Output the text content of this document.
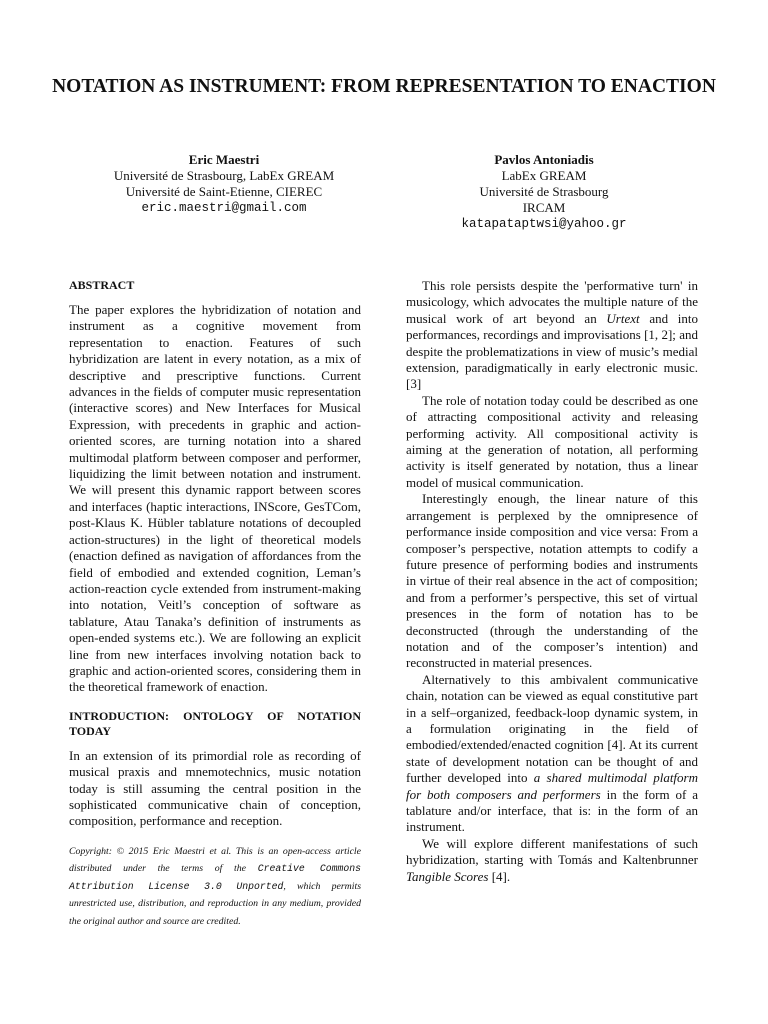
NOTATION AS INSTRUMENT: FROM REPRESENTATION TO ENACTION
Eric Maestri
Université de Strasbourg, LabEx GREAM
Université de Saint-Etienne, CIEREC
eric.maestri@gmail.com
Pavlos Antoniadis
LabEx GREAM
Université de Strasbourg
IRCAM
katapataptwsi@yahoo.gr

ABSTRACT

The paper explores the hybridization of notation and instrument as a cognitive movement from representation to enaction. Features of such hybridization are latent in every notation, as a mix of descriptive and prescriptive functions. Current advances in the fields of computer music representation (interactive scores) and New Interfaces for Musical Expression, with precedents in graphic and action-oriented scores, are turning notation into a shared multimodal platform between composer and performer, liquidizing the limit between notation and instrument. We will present this dynamic rapport between scores and interfaces (haptic interactions, INScore, GesTCom, post-Klaus K. Hübler tablature notations of decoupled action-structures) in the light of theoretical models (enaction defined as navigation of affordances from the field of embodied and extended cognition, Leman’s action-reaction cycle extended from instrument-making into notation, Veitl’s conception of software as tablature, Atau Tanaka’s definition of instruments as open-ended systems etc.). We are following an explicit line from new interfaces involving notation back to graphic and action-oriented scores, considering them in the theoretical framework of enaction.

INTRODUCTION: ONTOLOGY OF NOTATION TODAY

In an extension of its primordial role as recording of musical praxis and mnemotechnics, music notation today is still assuming the central position in the sophisticated communicative chain of conception, composition, performance and reception.

Copyright: © 2015 Eric Maestri et al. This is an open-access article distributed under the terms of the Creative Commons Attribution License 3.0 Unported, which permits unrestricted use, distribution, and reproduction in any medium, provided the original author and source are credited.

This role persists despite the 'performative turn' in musicology, which advocates the multiple nature of the musical work of art beyond an Urtext and into performances, recordings and improvisations [1, 2]; and despite the problematizations in view of music’s medial extension, paradigmatically in early electronic music. [3]

The role of notation today could be described as one of attracting compositional activity and releasing performing activity. All compositional activity is aiming at the generation of notation, all performing activity is itself generated by notation, thus a linear model of musical communication.

Interestingly enough, the linear nature of this arrangement is perplexed by the omnipresence of performance inside composition and vice versa: From a composer’s perspective, notation attempts to codify a future presence of performing bodies and instruments in virtue of their real absence in the act of composition; and from a performer’s perspective, this set of virtual presences in the form of notation has to be deconstructed (through the understanding of the notation and of the composer’s intention) and reconstructed in material presences.

Alternatively to this ambivalent communicative chain, notation can be viewed as equal constitutive part in a self–organized, feedback-loop dynamic system, in a formulation originating in the field of embodied/extended/enacted cognition [4]. At its current state of development notation can be thought of and further developed into a shared multimodal platform for both composers and performers in the form of a tablature and/or interface, that is: in the form of an instrument.

We will explore different manifestations of such hybridization, starting with Tomás and Kaltenbrunner Tangible Scores [4].
